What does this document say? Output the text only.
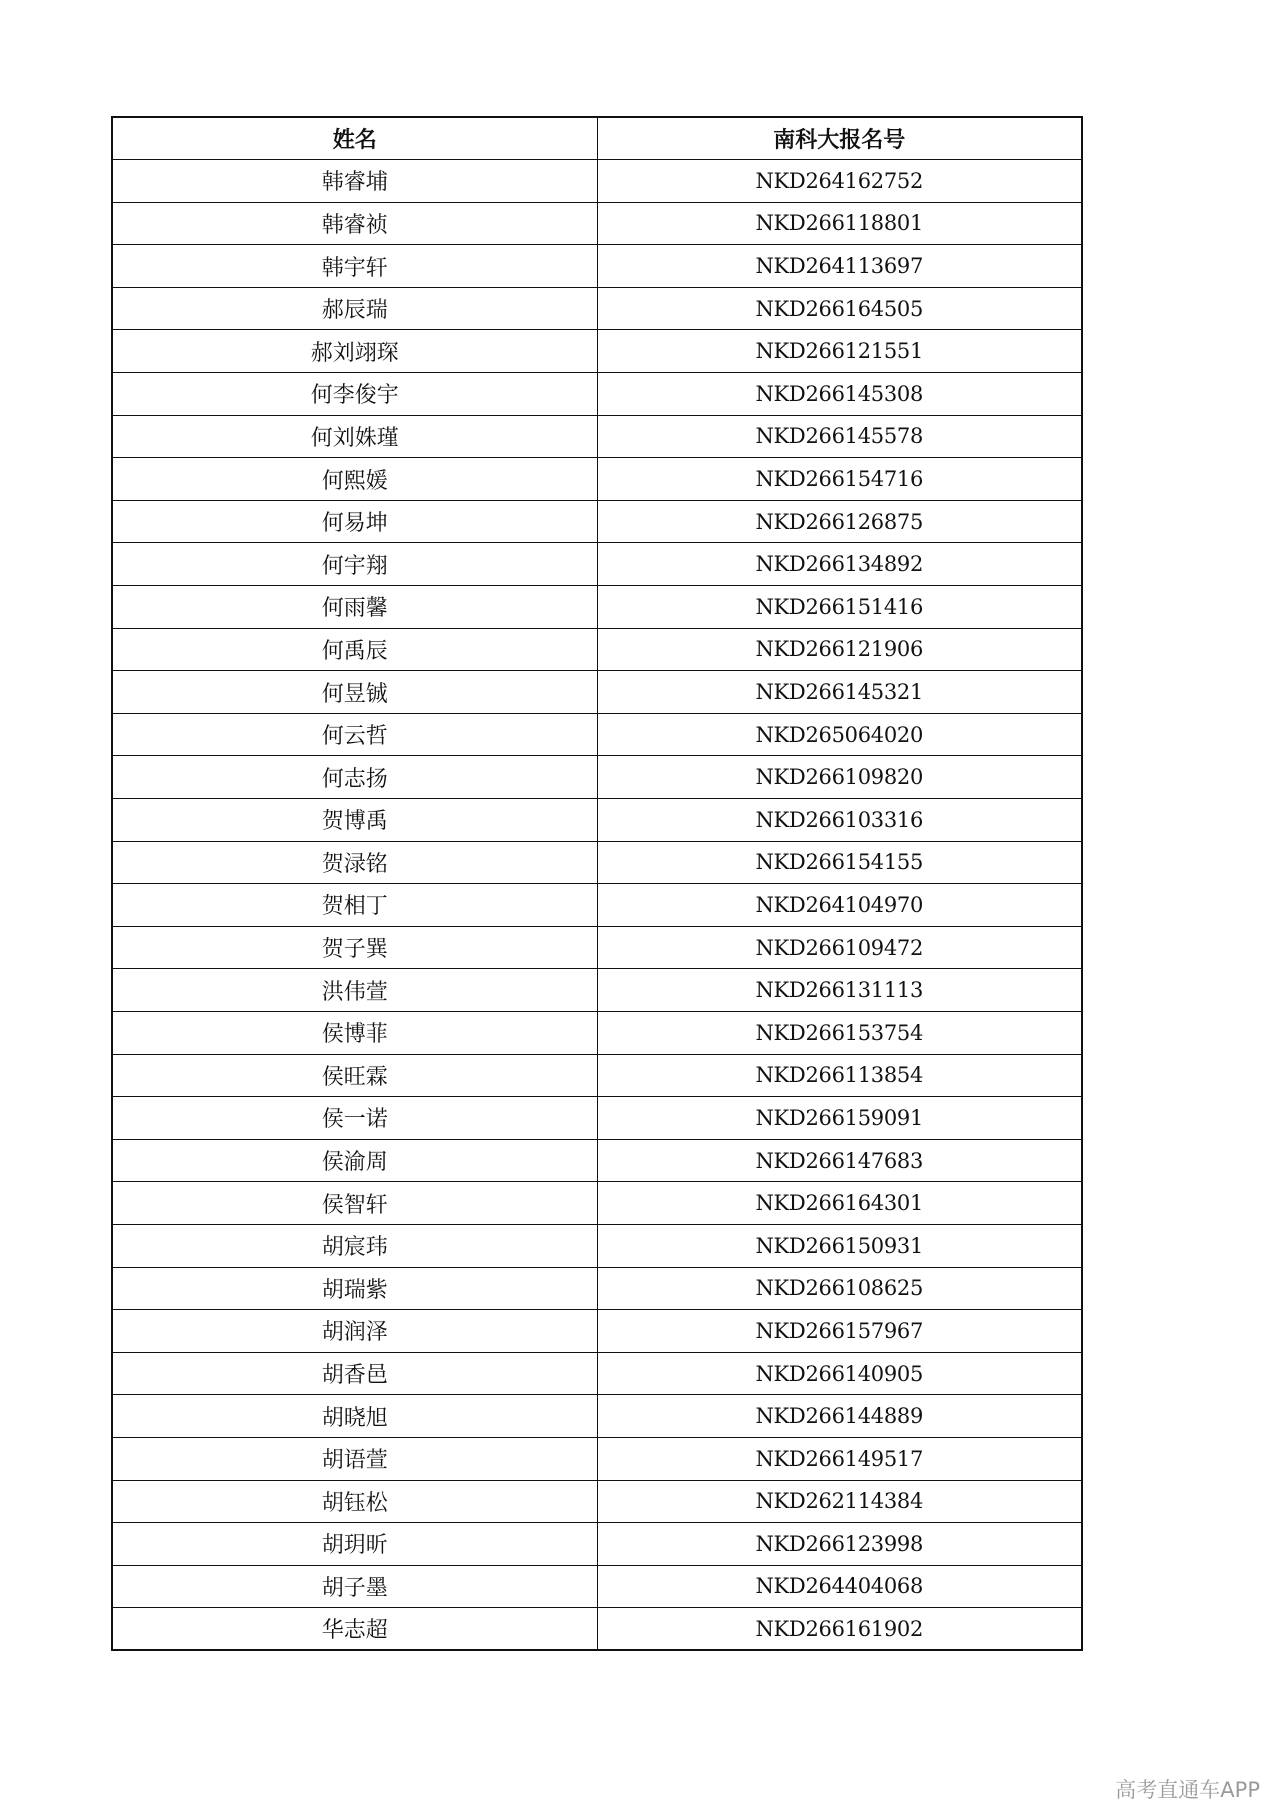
姓名	南科大报名号
韩睿埔	NKD264162752
韩睿祯	NKD266118801
韩宇轩	NKD264113697
郝辰瑞	NKD266164505
郝刘翊琛	NKD266121551
何李俊宇	NKD266145308
何刘姝瑾	NKD266145578
何熙媛	NKD266154716
何易坤	NKD266126875
何宇翔	NKD266134892
何雨馨	NKD266151416
何禹辰	NKD266121906
何昱铖	NKD266145321
何云哲	NKD265064020
何志扬	NKD266109820
贺博禹	NKD266103316
贺渌铭	NKD266154155
贺相丁	NKD264104970
贺子巽	NKD266109472
洪伟萱	NKD266131113
侯博菲	NKD266153754
侯旺霖	NKD266113854
侯一诺	NKD266159091
侯渝周	NKD266147683
侯智轩	NKD266164301
胡宸玮	NKD266150931
胡瑞紫	NKD266108625
胡润泽	NKD266157967
胡香邑	NKD266140905
胡晓旭	NKD266144889
胡语萱	NKD266149517
胡钰松	NKD262114384
胡玥昕	NKD266123998
胡子墨	NKD264404068
华志超	NKD266161902
高考直通车APP
